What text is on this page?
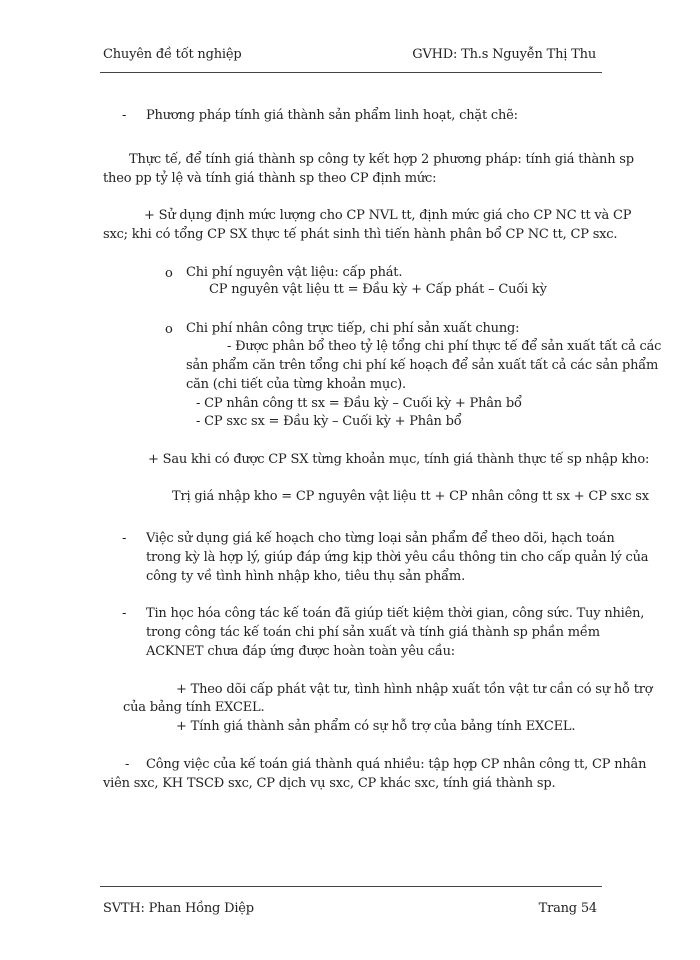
Chuyên đề tốt nghiệp	GVHD: Th.s Nguyễn Thị Thu
- Phương pháp tính giá thành sản phẩm linh hoạt, chặt chẽ:
Thực tế, để tính giá thành sp công ty kết hợp 2 phương pháp: tính giá thành sp
theo pp tỷ lệ và tính giá thành sp theo CP định mức:
+ Sử dụng định mức lượng cho CP NVL tt, định mức giá cho CP NC tt và CP
sxc; khi có tổng CP SX thực tế phát sinh thì tiến hành phân bổ CP NC tt, CP sxc.
o Chi phí nguyên vật liệu: cấp phát.
CP nguyên vật liệu tt = Đầu kỳ + Cấp phát – Cuối kỳ
o Chi phí nhân công trực tiếp, chi phí sản xuất chung:
- Được phân bổ theo tỷ lệ tổng chi phí thực tế để sản xuất tất cả các
sản phẩm căn trên tổng chi phí kế hoạch để sản xuất tất cả các sản phẩm
căn (chi tiết của từng khoản mục).
- CP nhân công tt sx = Đầu kỳ – Cuối kỳ + Phân bổ
- CP sxc sx = Đầu kỳ – Cuối kỳ + Phân bổ
+ Sau khi có được CP SX từng khoản mục, tính giá thành thực tế sp nhập kho:
Trị giá nhập kho = CP nguyên vật liệu tt + CP nhân công tt sx + CP sxc sx
- Việc sử dụng giá kế hoạch cho từng loại sản phẩm để theo dõi, hạch toán
trong kỳ là hợp lý, giúp đáp ứng kịp thời yêu cầu thông tin cho cấp quản lý của
công ty về tình hình nhập kho, tiêu thụ sản phẩm.
- Tin học hóa công tác kế toán đã giúp tiết kiệm thời gian, công sức. Tuy nhiên,
trong công tác kế toán chi phí sản xuất và tính giá thành sp phần mềm
ACKNET chưa đáp ứng được hoàn toàn yêu cầu:
+ Theo dõi cấp phát vật tư, tình hình nhập xuất tồn vật tư cần có sự hỗ trợ
của bảng tính EXCEL.
+ Tính giá thành sản phẩm có sự hỗ trợ của bảng tính EXCEL.
- Công việc của kế toán giá thành quá nhiều: tập hợp CP nhân công tt, CP nhân
viên sxc, KH TSCĐ sxc, CP dịch vụ sxc, CP khác sxc, tính giá thành sp.
SVTH: Phan Hồng Diệp	Trang 54
